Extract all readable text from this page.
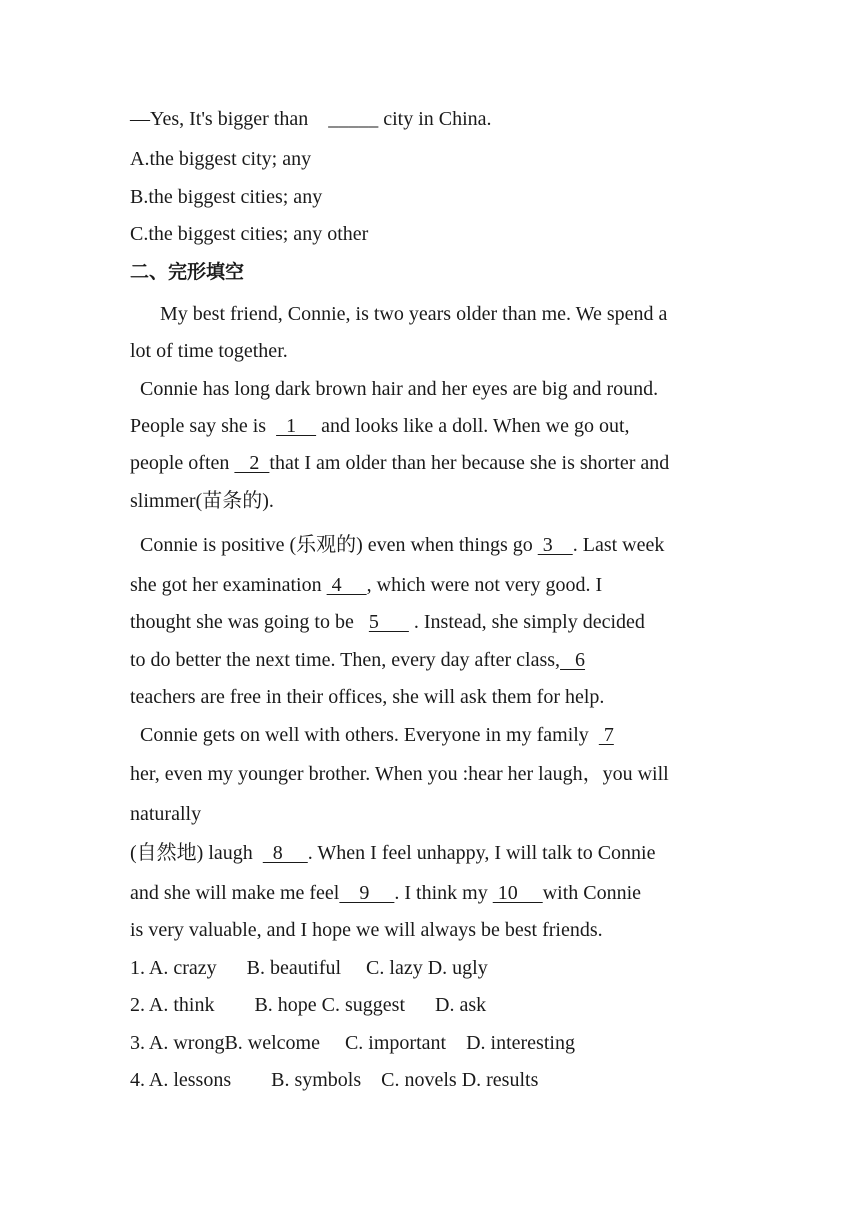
—Yes, It's bigger than    _____ city in China.
A.the biggest city; any
B.the biggest cities; any
C.the biggest cities; any other
二、完形填空
My best friend, Connie, is two years older than me. We spend a
lot of time together.
Connie has long dark brown hair and her eyes are big and round.
People say she is    1     and looks like a doll. When we go out,
people often    2  that I am older than her because she is shorter and
slimmer(苗条的).
Connie is positive (乐观的) even when things go  3    . Last week
she got her examination  4     , which were not very good. I
thought she was going to be   5       . Instead, she simply decided
to do better the next time. Then, every day after class,   6
teachers are free in their offices, she will ask them for help.
Connie gets on well with others. Everyone in my family   7
her, even my younger brother. When you :hear her laugh，you will
naturally
(自然地) laugh    8     . When I feel unhappy, I will talk to Connie
and she will make me feel    9     . I think my  10     with Connie
is very valuable, and I hope we will always be best friends.
1. A. crazy      B. beautiful     C. lazy D. ugly
2. A. think        B. hope C. suggest      D. ask
3. A. wrongB. welcome     C. important    D. interesting
4. A. lessons        B. symbols    C. novels D. results
